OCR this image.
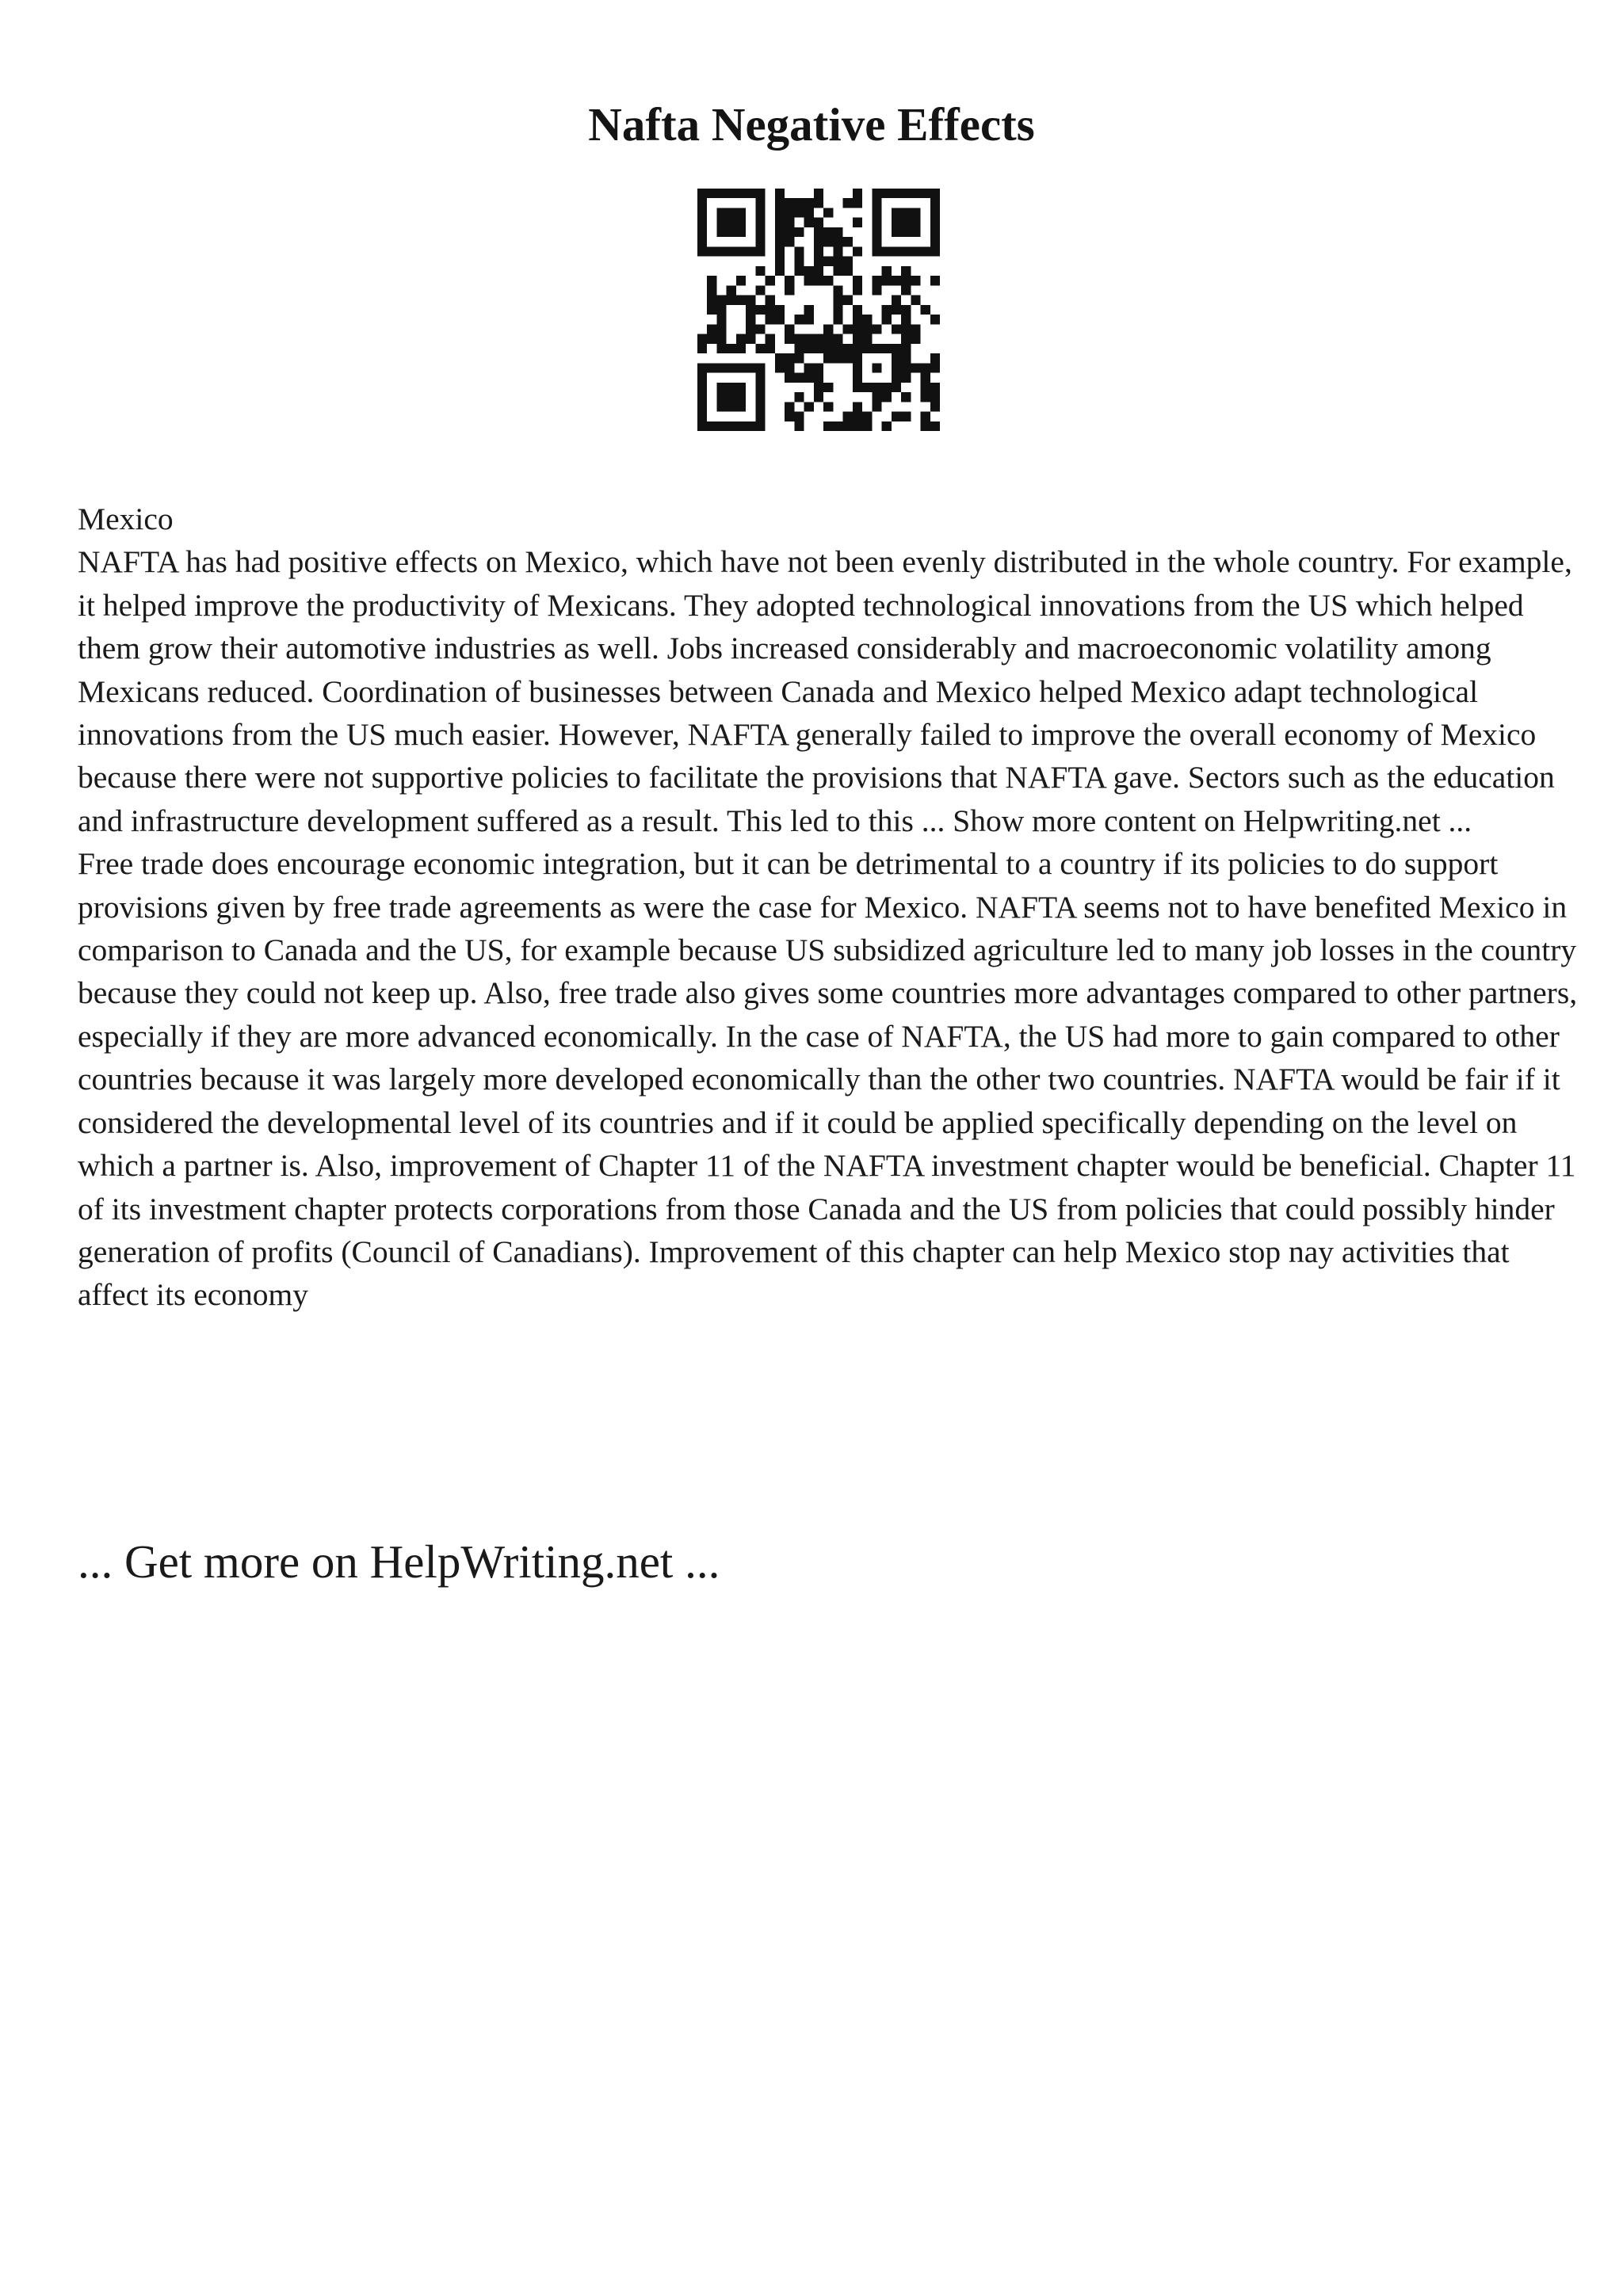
Nafta Negative Effects

Mexico

NAFTA has had positive effects on Mexico, which have not been evenly distributed in the whole country. For example, it helped improve the productivity of Mexicans. They adopted technological innovations from the US which helped them grow their automotive industries as well. Jobs increased considerably and macroeconomic volatility among Mexicans reduced. Coordination of businesses between Canada and Mexico helped Mexico adapt technological innovations from the US much easier. However, NAFTA generally failed to improve the overall economy of Mexico because there were not supportive policies to facilitate the provisions that NAFTA gave. Sectors such as the education and infrastructure development suffered as a result. This led to this ... Show more content on Helpwriting.net ...

Free trade does encourage economic integration, but it can be detrimental to a country if its policies to do support provisions given by free trade agreements as were the case for Mexico. NAFTA seems not to have benefited Mexico in comparison to Canada and the US, for example because US subsidized agriculture led to many job losses in the country because they could not keep up. Also, free trade also gives some countries more advantages compared to other partners, especially if they are more advanced economically. In the case of NAFTA, the US had more to gain compared to other countries because it was largely more developed economically than the other two countries. NAFTA would be fair if it considered the developmental level of its countries and if it could be applied specifically depending on the level on which a partner is. Also, improvement of Chapter 11 of the NAFTA investment chapter would be beneficial. Chapter 11 of its investment chapter protects corporations from those Canada and the US from policies that could possibly hinder generation of profits (Council of Canadians). Improvement of this chapter can help Mexico stop nay activities that affect its economy

... Get more on HelpWriting.net ...
